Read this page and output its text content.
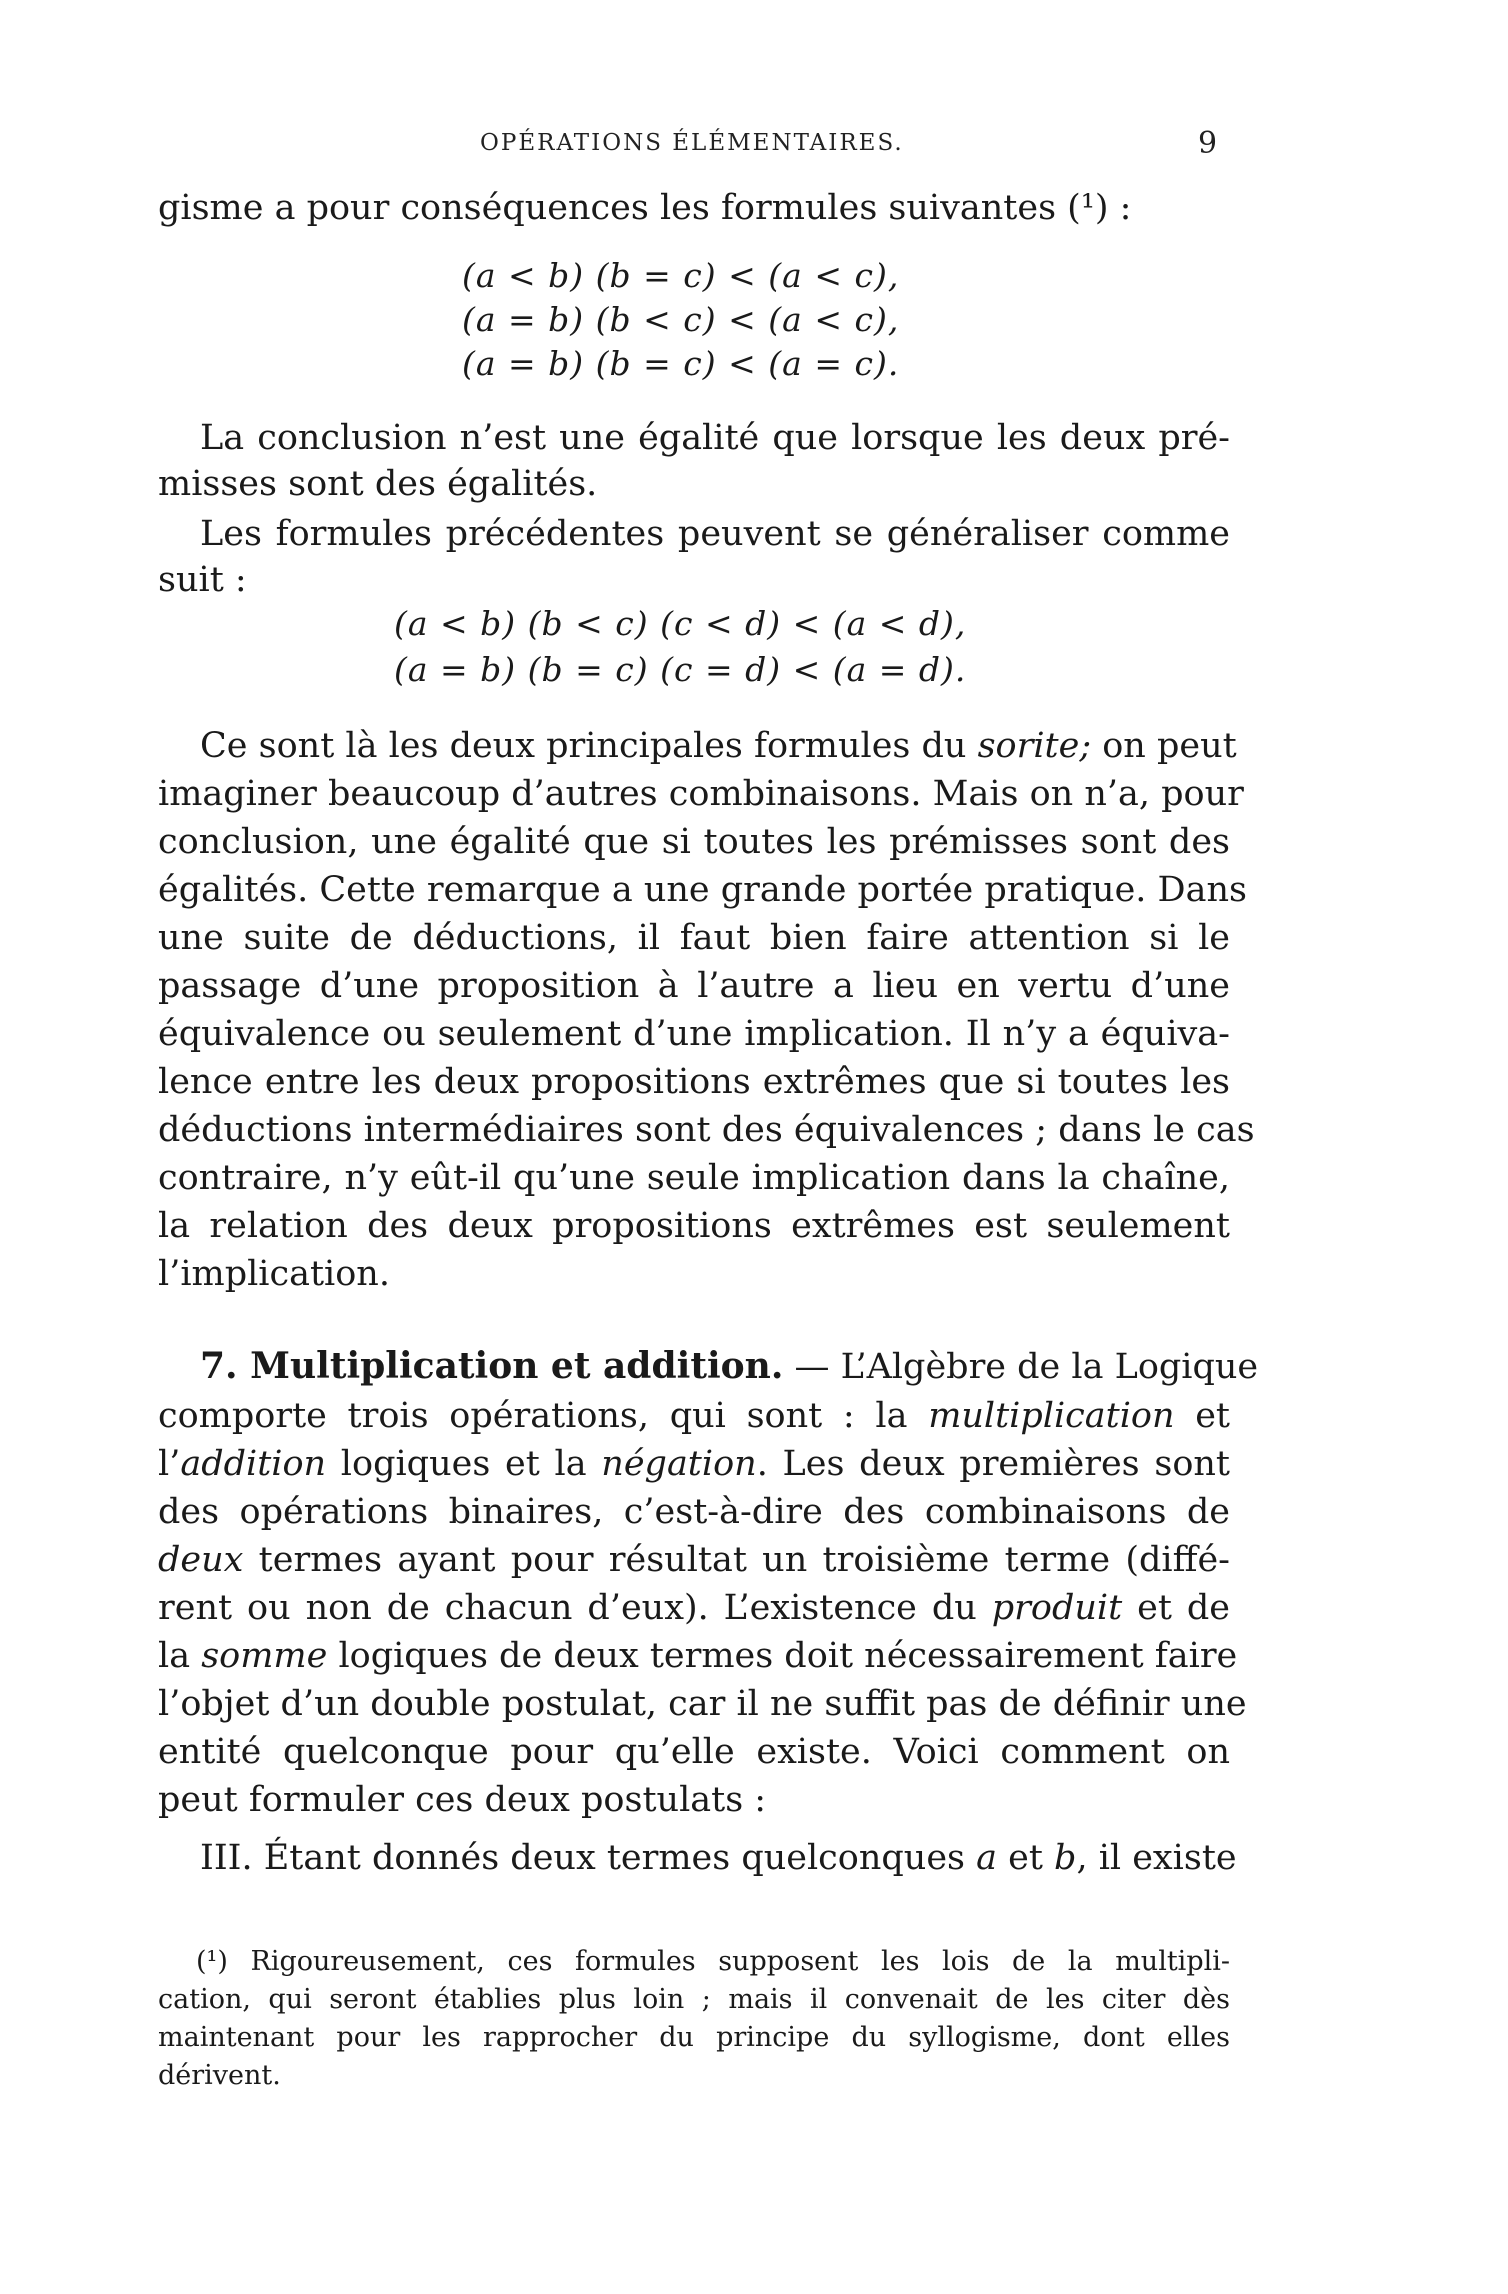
OPÉRATIONS ÉLÉMENTAIRES.	9
gisme a pour conséquences les formules suivantes (¹) :
(a < b) (b = c) < (a < c),
(a = b) (b < c) < (a < c),
(a = b) (b = c) < (a = c).
La conclusion n’est une égalité que lorsque les deux pré-
misses sont des égalités.
Les formules précédentes peuvent se généraliser comme
suit :
(a < b) (b < c) (c < d) < (a < d),
(a = b) (b = c) (c = d) < (a = d).
Ce sont là les deux principales formules du sorite; on peut
imaginer beaucoup d’autres combinaisons. Mais on n’a, pour
conclusion, une égalité que si toutes les prémisses sont des
égalités. Cette remarque a une grande portée pratique. Dans
une suite de déductions, il faut bien faire attention si le
passage d’une proposition à l’autre a lieu en vertu d’une
équivalence ou seulement d’une implication. Il n’y a équiva-
lence entre les deux propositions extrêmes que si toutes les
déductions intermédiaires sont des équivalences ; dans le cas
contraire, n’y eût-il qu’une seule implication dans la chaîne,
la relation des deux propositions extrêmes est seulement
l’implication.
7. Multiplication et addition. — L’Algèbre de la Logique
comporte trois opérations, qui sont : la multiplication et
l’addition logiques et la négation. Les deux premières sont
des opérations binaires, c’est-à-dire des combinaisons de
deux termes ayant pour résultat un troisième terme (diffé-
rent ou non de chacun d’eux). L’existence du produit et de
la somme logiques de deux termes doit nécessairement faire
l’objet d’un double postulat, car il ne suffit pas de définir une
entité quelconque pour qu’elle existe. Voici comment on
peut formuler ces deux postulats :
III. Étant donnés deux termes quelconques a et b, il existe
(¹) Rigoureusement, ces formules supposent les lois de la multipli-
cation, qui seront établies plus loin ; mais il convenait de les citer dès
maintenant pour les rapprocher du principe du syllogisme, dont elles
dérivent.
